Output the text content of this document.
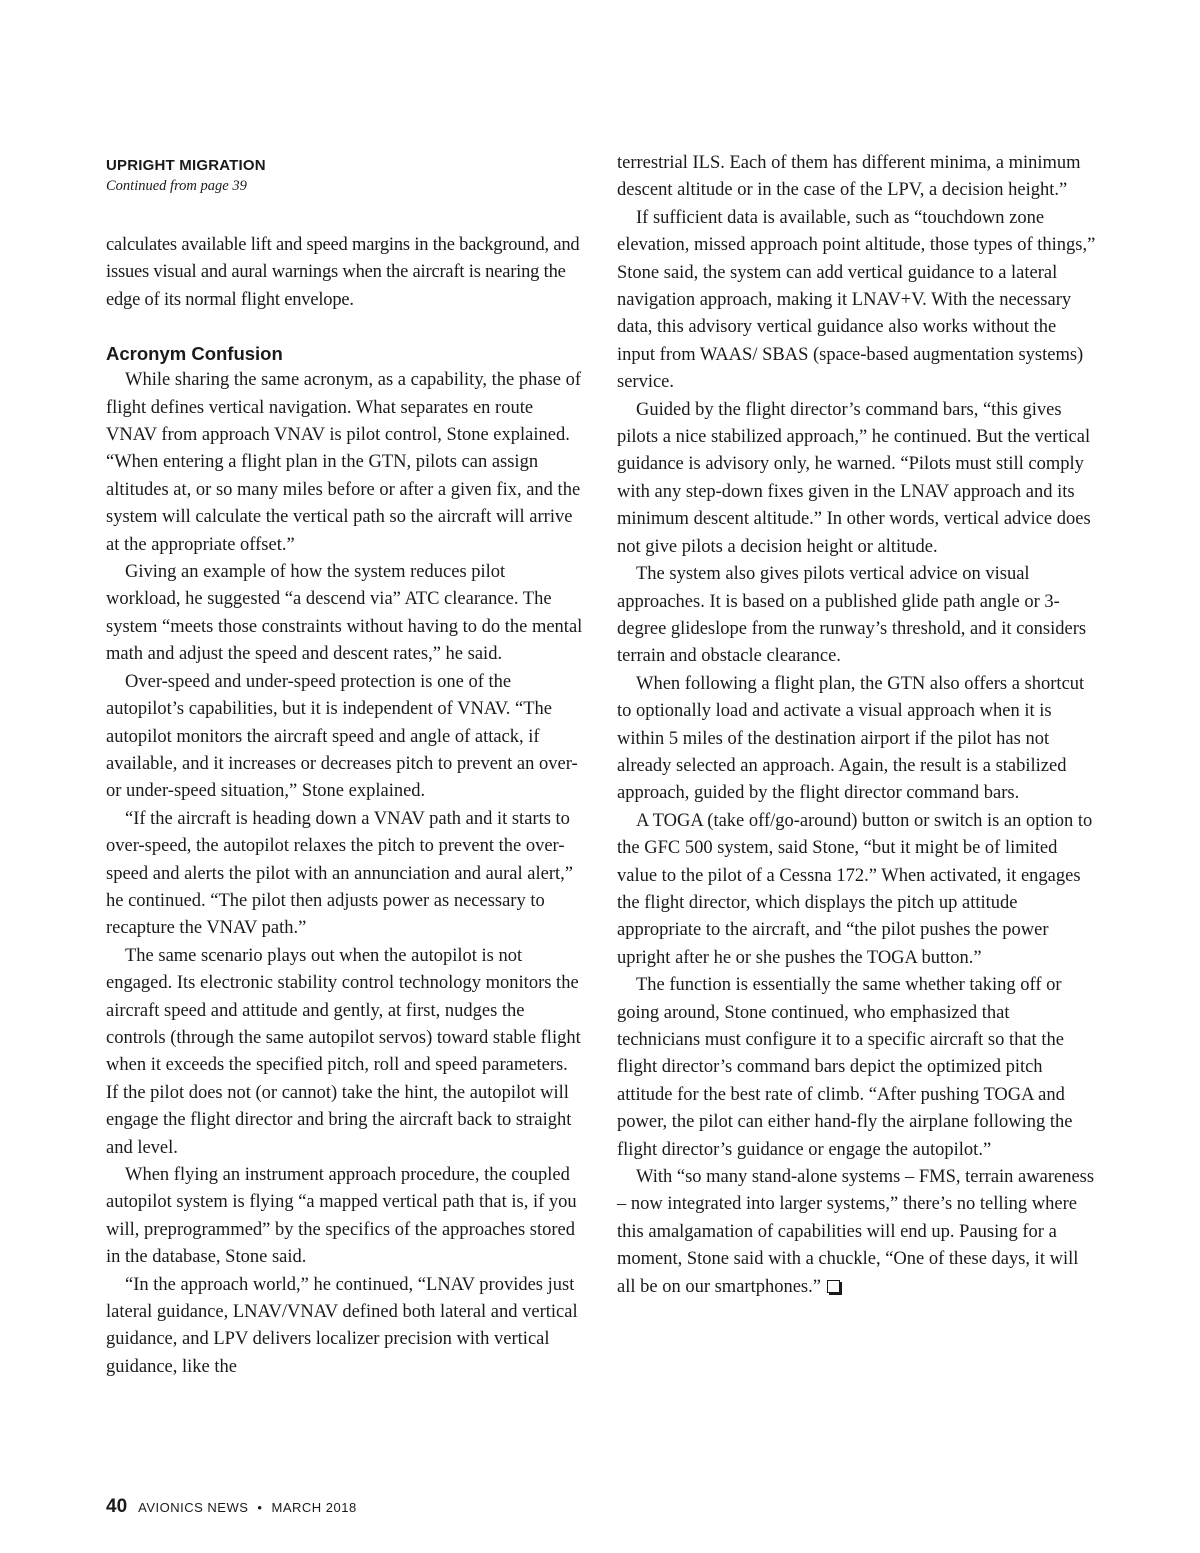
UPRIGHT MIGRATION
Continued from page 39

calculates available lift and speed margins in the background, and issues visual and aural warnings when the aircraft is nearing the edge of its normal flight envelope.

Acronym Confusion

While sharing the same acronym, as a capability, the phase of flight defines vertical navigation. What separates en route VNAV from approach VNAV is pilot control, Stone explained. “When entering a flight plan in the GTN, pilots can assign altitudes at, or so many miles before or after a given fix, and the system will calculate the vertical path so the aircraft will arrive at the appropriate offset.”

Giving an example of how the system reduces pilot workload, he suggested “a descend via” ATC clearance. The system “meets those constraints without having to do the mental math and adjust the speed and descent rates,” he said.

Over-speed and under-speed protection is one of the autopilot’s capabilities, but it is independent of VNAV. “The autopilot monitors the aircraft speed and angle of attack, if available, and it increases or decreases pitch to prevent an over- or under-speed situation,” Stone explained.

“If the aircraft is heading down a VNAV path and it starts to over-speed, the autopilot relaxes the pitch to prevent the over-speed and alerts the pilot with an annunciation and aural alert,” he continued. “The pilot then adjusts power as necessary to recapture the VNAV path.”

The same scenario plays out when the autopilot is not engaged. Its electronic stability control technology monitors the aircraft speed and attitude and gently, at first, nudges the controls (through the same autopilot servos) toward stable flight when it exceeds the specified pitch, roll and speed parameters. If the pilot does not (or cannot) take the hint, the autopilot will engage the flight director and bring the aircraft back to straight and level.

When flying an instrument approach procedure, the coupled autopilot system is flying “a mapped vertical path that is, if you will, preprogrammed” by the specifics of the approaches stored in the database, Stone said.

“In the approach world,” he continued, “LNAV provides just lateral guidance, LNAV/VNAV defined both lateral and vertical guidance, and LPV delivers localizer precision with vertical guidance, like the

terrestrial ILS. Each of them has different minima, a minimum descent altitude or in the case of the LPV, a decision height.”

If sufficient data is available, such as “touchdown zone elevation, missed approach point altitude, those types of things,” Stone said, the system can add vertical guidance to a lateral navigation approach, making it LNAV+V. With the necessary data, this advisory vertical guidance also works without the input from WAAS/ SBAS (space-based augmentation systems) service.

Guided by the flight director’s command bars, “this gives pilots a nice stabilized approach,” he continued. But the vertical guidance is advisory only, he warned. “Pilots must still comply with any step-down fixes given in the LNAV approach and its minimum descent altitude.” In other words, vertical advice does not give pilots a decision height or altitude.

The system also gives pilots vertical advice on visual approaches. It is based on a published glide path angle or 3-degree glideslope from the runway’s threshold, and it considers terrain and obstacle clearance.

When following a flight plan, the GTN also offers a shortcut to optionally load and activate a visual approach when it is within 5 miles of the destination airport if the pilot has not already selected an approach. Again, the result is a stabilized approach, guided by the flight director command bars.

A TOGA (take off/go-around) button or switch is an option to the GFC 500 system, said Stone, “but it might be of limited value to the pilot of a Cessna 172.” When activated, it engages the flight director, which displays the pitch up attitude appropriate to the aircraft, and “the pilot pushes the power upright after he or she pushes the TOGA button.”

The function is essentially the same whether taking off or going around, Stone continued, who emphasized that technicians must configure it to a specific aircraft so that the flight director’s command bars depict the optimized pitch attitude for the best rate of climb. “After pushing TOGA and power, the pilot can either hand-fly the airplane following the flight director’s guidance or engage the autopilot.”

With “so many stand-alone systems – FMS, terrain awareness – now integrated into larger systems,” there’s no telling where this amalgamation of capabilities will end up. Pausing for a moment, Stone said with a chuckle, “One of these days, it will all be on our smartphones.”

40 AVIONICS NEWS • MARCH 2018
